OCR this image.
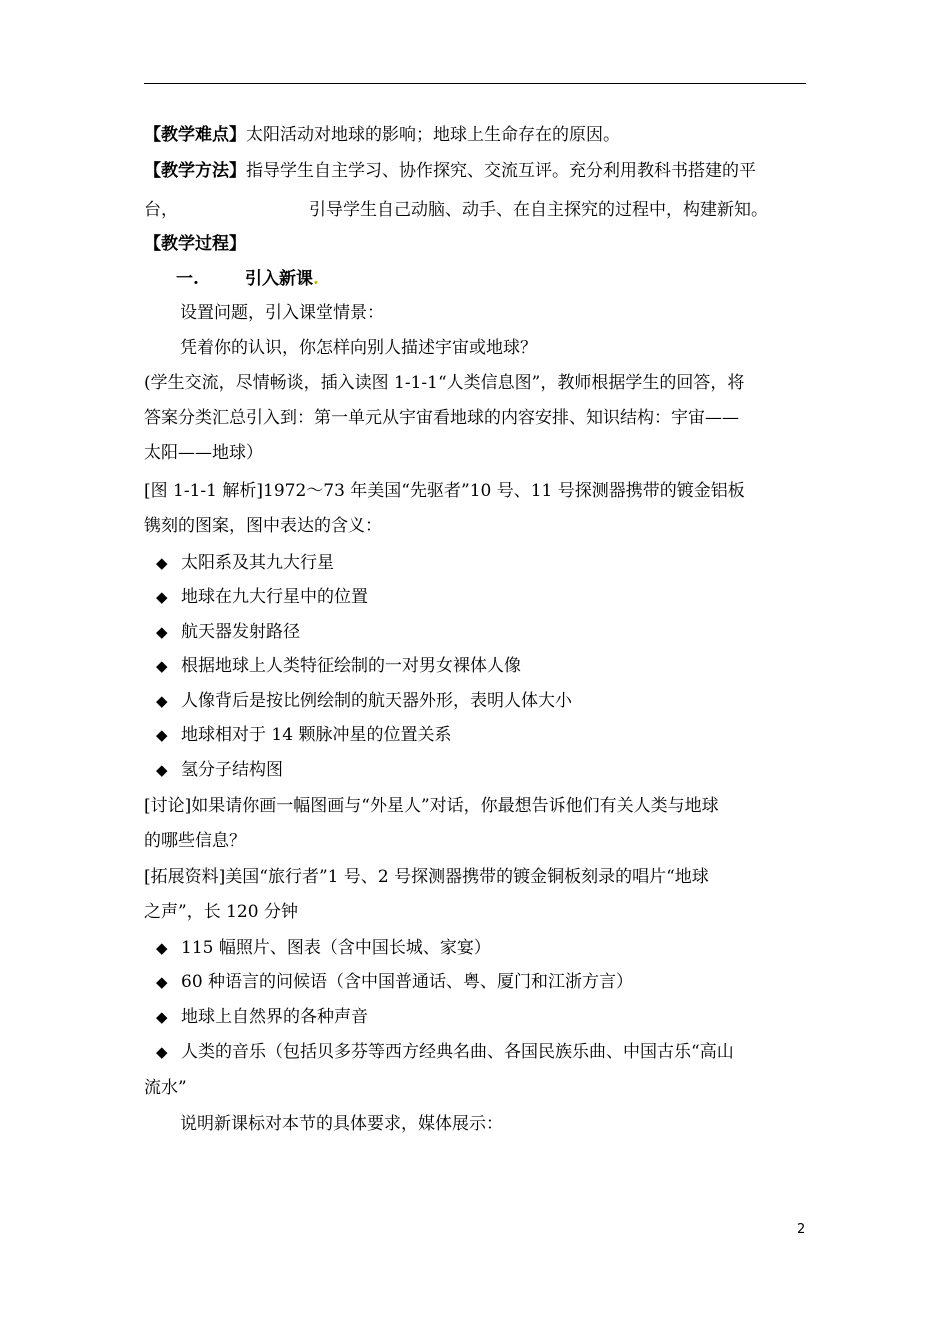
【教学难点】太阳活动对地球的影响；地球上生命存在的原因。
【教学方法】指导学生自主学习、协作探究、交流互评。充分利用教科书搭建的平
台，	引导学生自己动脑、动手、在自主探究的过程中，构建新知。
【教学过程】
一.	引入新课.
设置问题，引入课堂情景：
凭着你的认识，你怎样向别人描述宇宙或地球？
(学生交流，尽情畅谈，插入读图 1-1-1“人类信息图”，教师根据学生的回答，将
答案分类汇总引入到：第一单元从宇宙看地球的内容安排、知识结构：宇宙——
太阳——地球）
[图 1-1-1 解析]1972～73 年美国“先驱者”10 号、11 号探测器携带的镀金铝板
镌刻的图案，图中表达的含义：
◆ 太阳系及其九大行星
◆ 地球在九大行星中的位置
◆ 航天器发射路径
◆ 根据地球上人类特征绘制的一对男女裸体人像
◆ 人像背后是按比例绘制的航天器外形，表明人体大小
◆ 地球相对于 14 颗脉冲星的位置关系
◆ 氢分子结构图
[讨论]如果请你画一幅图画与“外星人”对话，你最想告诉他们有关人类与地球
的哪些信息？
[拓展资料]美国“旅行者”1 号、2 号探测器携带的镀金铜板刻录的唱片“地球
之声”，长 120 分钟
◆ 115 幅照片、图表（含中国长城、家宴）
◆ 60 种语言的问候语（含中国普通话、粤、厦门和江浙方言）
◆ 地球上自然界的各种声音
◆ 人类的音乐（包括贝多芬等西方经典名曲、各国民族乐曲、中国古乐“高山
流水”
说明新课标对本节的具体要求，媒体展示：
2
